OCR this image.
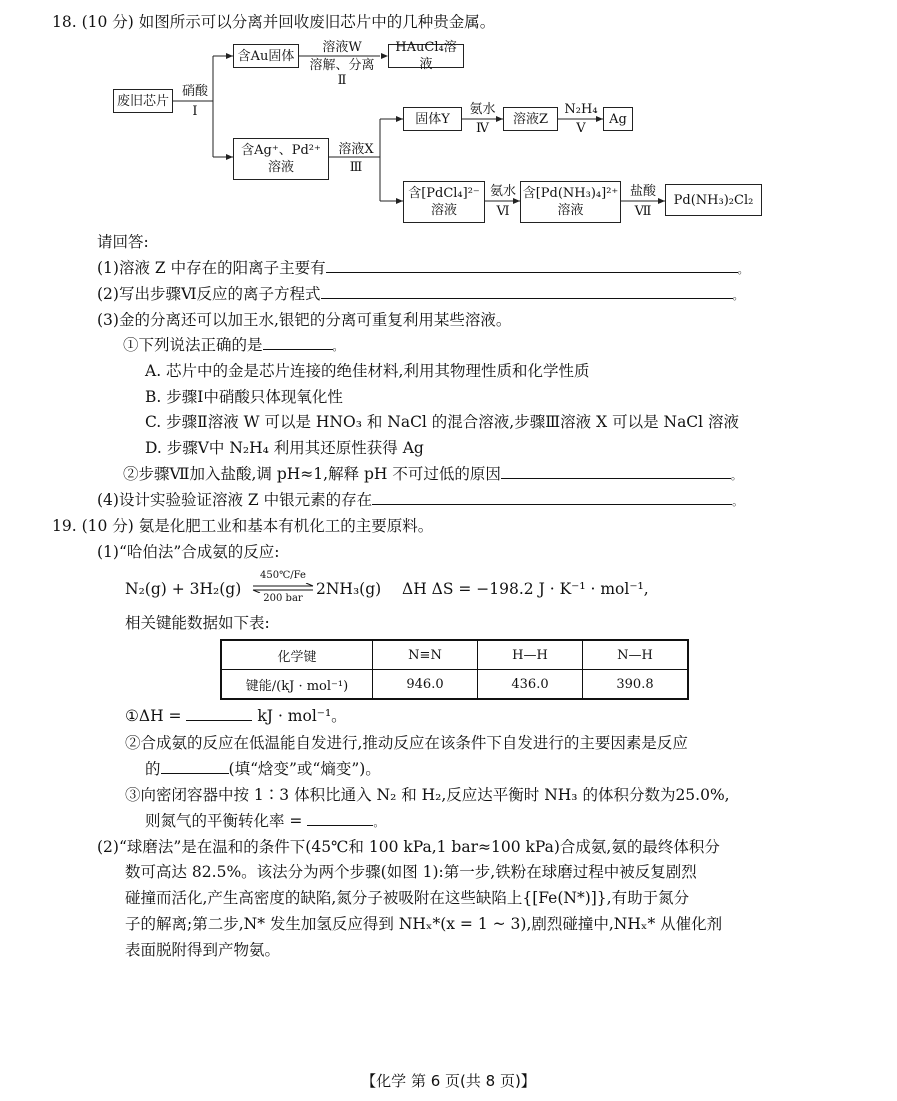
18. (10 分) 如图所示可以分离并回收废旧芯片中的几种贵金属。
废旧芯片
硝酸
Ⅰ
含Au固体
溶液W
溶解、分离
Ⅱ
HAuCl₄溶液
含Ag⁺、Pd²⁺
溶液
溶液X
Ⅲ
固体Y
氨水
Ⅳ
溶液Z
N₂H₄
Ⅴ
Ag
含[PdCl₄]²⁻
溶液
氨水
Ⅵ
含[Pd(NH₃)₄]²⁺
溶液
盐酸
Ⅶ
Pd(NH₃)₂Cl₂
请回答:
(1)溶液 Z 中存在的阳离子主要有	。
(2)写出步骤Ⅵ反应的离子方程式	。
(3)金的分离还可以加王水,银钯的分离可重复利用某些溶液。
①下列说法正确的是	。
A. 芯片中的金是芯片连接的绝佳材料,利用其物理性质和化学性质
B. 步骤Ⅰ中硝酸只体现氧化性
C. 步骤Ⅱ溶液 W 可以是 HNO₃ 和 NaCl 的混合溶液,步骤Ⅲ溶液 X 可以是 NaCl 溶液
D. 步骤Ⅴ中 N₂H₄ 利用其还原性获得 Ag
②步骤Ⅶ加入盐酸,调 pH≈1,解释 pH 不可过低的原因	。
(4)设计实验验证溶液 Z 中银元素的存在	。
19. (10 分) 氨是化肥工业和基本有机化工的主要原料。
(1)“哈伯法”合成氨的反应:
N₂(g) + 3H₂(g)
450℃/Fe
200 bar
2NH₃(g) ΔH ΔS = −198.2 J · K⁻¹ · mol⁻¹,
相关键能数据如下表:
化学键	N≡N	H—H	N—H
键能/(kJ · mol⁻¹)	946.0	436.0	390.8
①ΔH =	kJ · mol⁻¹。
②合成氨的反应在低温能自发进行,推动反应在该条件下自发进行的主要因素是反应
的	(填“焓变”或“熵变”)。
③向密闭容器中按 1∶3 体积比通入 N₂ 和 H₂,反应达平衡时 NH₃ 的体积分数为25.0%,
则氮气的平衡转化率 =	。
(2)“球磨法”是在温和的条件下(45℃和 100 kPa,1 bar≈100 kPa)合成氨,氨的最终体积分
数可高达 82.5%。该法分为两个步骤(如图 1):第一步,铁粉在球磨过程中被反复剧烈
碰撞而活化,产生高密度的缺陷,氮分子被吸附在这些缺陷上{[Fe(N*)]},有助于氮分
子的解离;第二步,N* 发生加氢反应得到 NHₓ*(x = 1 ~ 3),剧烈碰撞中,NHₓ* 从催化剂
表面脱附得到产物氨。
【化学 第 6 页(共 8 页)】
